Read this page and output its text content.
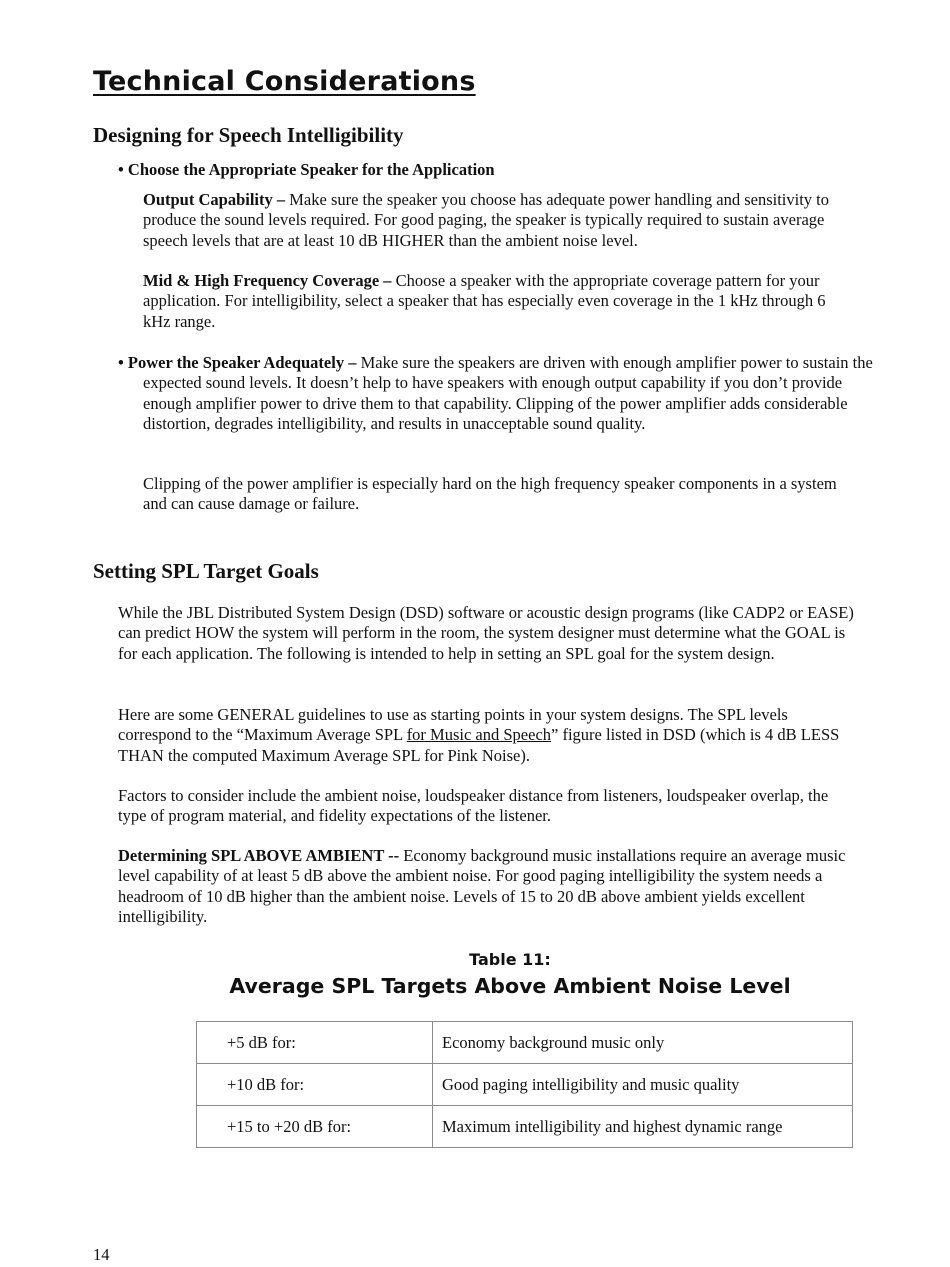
Technical Considerations
Designing for Speech Intelligibility

• Choose the Appropriate Speaker for the Application

Output Capability – Make sure the speaker you choose has adequate power handling and sensitivity to produce the sound levels required. For good paging, the speaker is typically required to sustain average speech levels that are at least 10 dB HIGHER than the ambient noise level.

Mid & High Frequency Coverage – Choose a speaker with the appropriate coverage pattern for your application. For intelligibility, select a speaker that has especially even coverage in the 1 kHz through 6 kHz range.

• Power the Speaker Adequately – Make sure the speakers are driven with enough amplifier power to sustain the expected sound levels. It doesn’t help to have speakers with enough output capability if you don’t provide enough amplifier power to drive them to that capability. Clipping of the power amplifier adds considerable distortion, degrades intelligibility, and results in unacceptable sound quality.

Clipping of the power amplifier is especially hard on the high frequency speaker components in a system and can cause damage or failure.

Setting SPL Target Goals

While the JBL Distributed System Design (DSD) software or acoustic design programs (like CADP2 or EASE) can predict HOW the system will perform in the room, the system designer must determine what the GOAL is for each application. The following is intended to help in setting an SPL goal for the system design.

Here are some GENERAL guidelines to use as starting points in your system designs. The SPL levels correspond to the “Maximum Average SPL for Music and Speech” figure listed in DSD (which is 4 dB LESS THAN the computed Maximum Average SPL for Pink Noise).

Factors to consider include the ambient noise, loudspeaker distance from listeners, loudspeaker overlap, the type of program material, and fidelity expectations of the listener.

Determining SPL ABOVE AMBIENT -- Economy background music installations require an average music level capability of at least 5 dB above the ambient noise. For good paging intelligibility the system needs a headroom of 10 dB higher than the ambient noise. Levels of 15 to 20 dB above ambient yields excellent intelligibility.

Table 11:

Average SPL Targets Above Ambient Noise Level

+5 dB for:	Economy background music only
+10 dB for:	Good paging intelligibility and music quality
+15 to +20 dB for:	Maximum intelligibility and highest dynamic range

14
